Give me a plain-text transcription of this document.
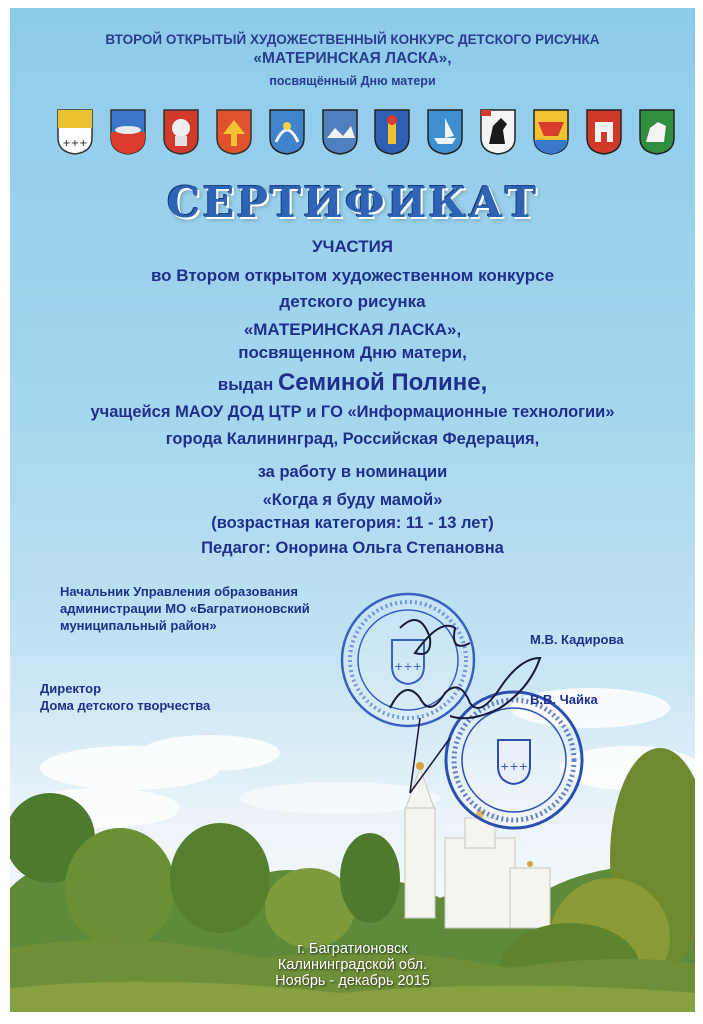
ВТОРОЙ ОТКРЫТЫЙ ХУДОЖЕСТВЕННЫЙ КОНКУРС ДЕТСКОГО РИСУНКА
«МАТЕРИНСКАЯ ЛАСКА»,
посвящённый Дню матери
+++
СЕРТИФИКАТ
УЧАСТИЯ
во Втором открытом художественном конкурсе
детского рисунка
«МАТЕРИНСКАЯ ЛАСКА»,
посвященном Дню матери,
выдан Семиной Полине,
учащейся МАОУ ДОД ЦТР и ГО «Информационные технологии»
города Калининград, Российская Федерация,
за работу в номинации
«Когда я буду мамой»
(возрастная категория: 11 - 13 лет)
Педагог: Онорина Ольга Степановна
Начальник Управления образования
администрации МО «Багратионовский
муниципальный район»
М.В. Кадирова
Директор
Дома детского творчества
+++
+++
В.В. Чайка
г. Багратионовск
Калининградской обл.
Ноябрь - декабрь 2015
